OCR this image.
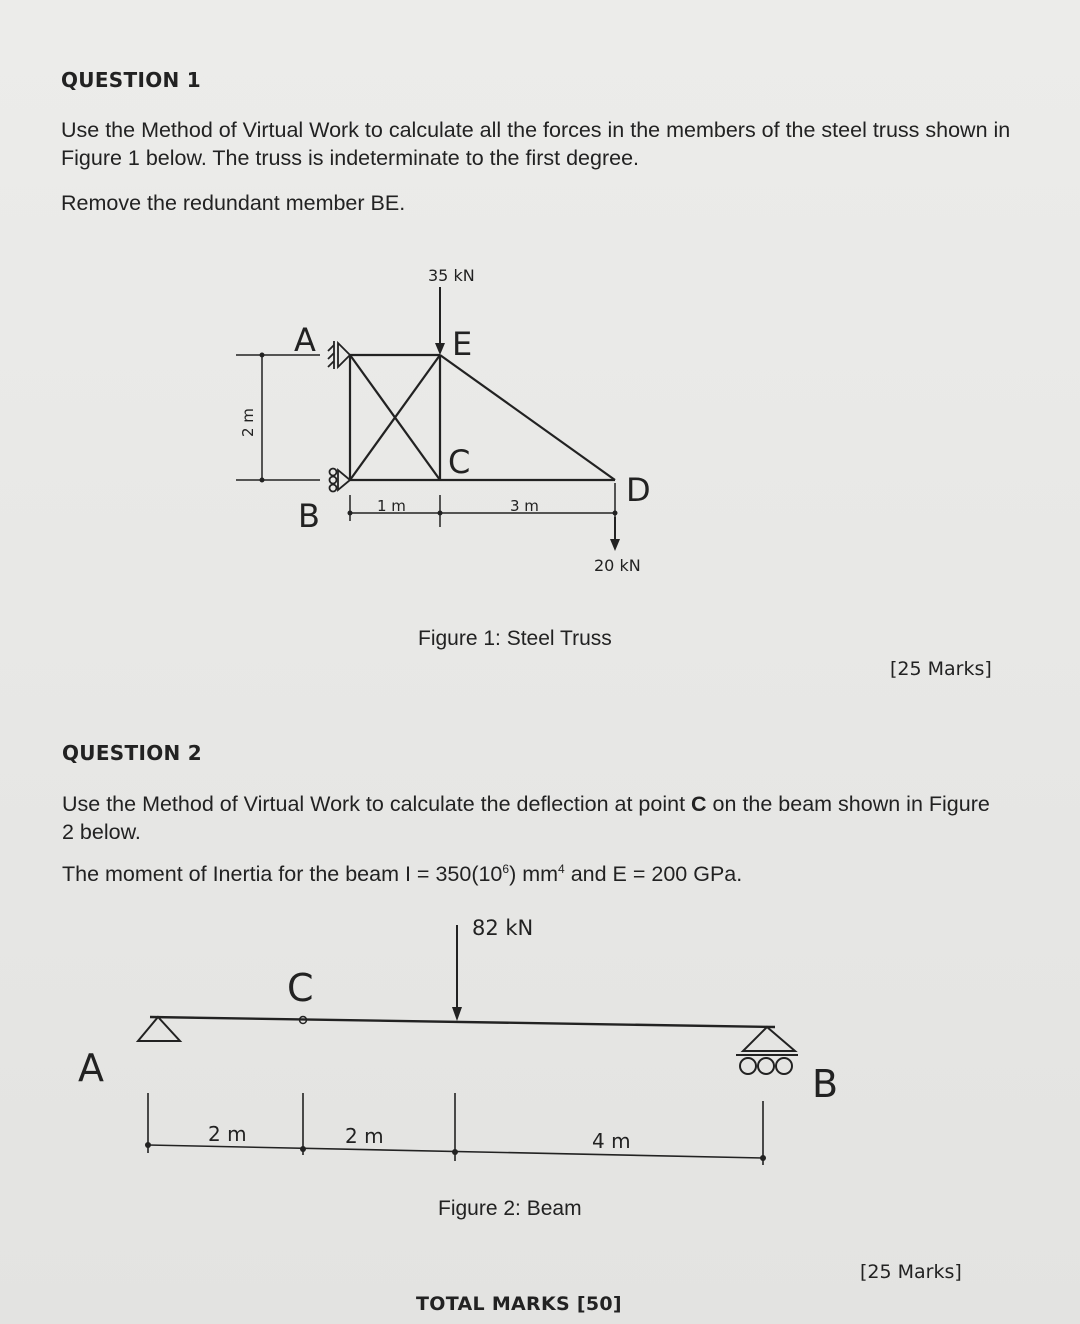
QUESTION 1
Use the Method of Virtual Work to calculate all the forces in the members of the steel truss shown in Figure 1 below. The truss is indeterminate to the first degree.
Remove the redundant member BE.
35 kN
20 kN
2 m
1 m	3 m
A
B
C
D
E
Figure 1: Steel Truss
[25 Marks]
QUESTION 2
Use the Method of Virtual Work to calculate the deflection at point C on the beam shown in Figure 2 below.
The moment of Inertia for the beam $I = 350(10^6)$ $mm^4$ and E = 200 GPa.
82 kN
2 m	2 m	4 m
A	B
C
Figure 2: Beam
[25 Marks]
TOTAL MARKS [50]
